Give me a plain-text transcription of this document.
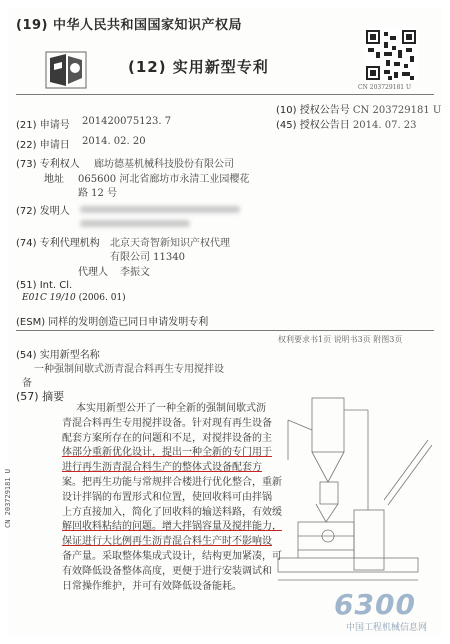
(19) 中华人民共和国国家知识产权局
(12) 实用新型专利
CN 203729181 U
(10) 授权公告号 CN 203729181 U
(45) 授权公告日 2014. 07. 23
(21) 申请号 201420075123. 7
(22) 申请日 2014. 02. 20
(73) 专利权人 廊坊德基机械科技股份有限公司
地址 065600 河北省廊坊市永清工业园樱花
路 12 号
(72) 发明人
(74) 专利代理机构 北京天奇智新知识产权代理
有限公司 11340
代理人 李振文
(51) Int. Cl.
E01C 19/10 (2006. 01)
(ESM) 同样的发明创造已同日申请发明专利
权利要求书1页 说明书3页 附图3页
(54) 实用新型名称
一种强制间歇式沥青混合料再生专用搅拌设
备
(57) 摘要
本实用新型公开了一种全新的强制间歇式沥
青混合料再生专用搅拌设备。针对现有再生设备
配套方案所存在的问题和不足，对搅拌设备的主
体部分重新优化设计，提出一种全新的专门用于
进行再生沥青混合料生产的整体式设备配套方
案。把再生功能与常规拌合楼进行优化整合，重新
设计拌锅的布置形式和位置，使回收料可由拌锅
上方直接加入，简化了回收料的输送料路，有效缓
解回收料粘结的问题。增大拌锅容量及搅拌能力，
保证进行大比例再生沥青混合料生产时不影响设
备产量。采取整体集成式设计，结构更加紧凑，可
有效降低设备整体高度，更便于进行安装调试和
日常操作维护，并可有效降低设备能耗。
CN 203729181 U
6300
中国工程机械信息网
